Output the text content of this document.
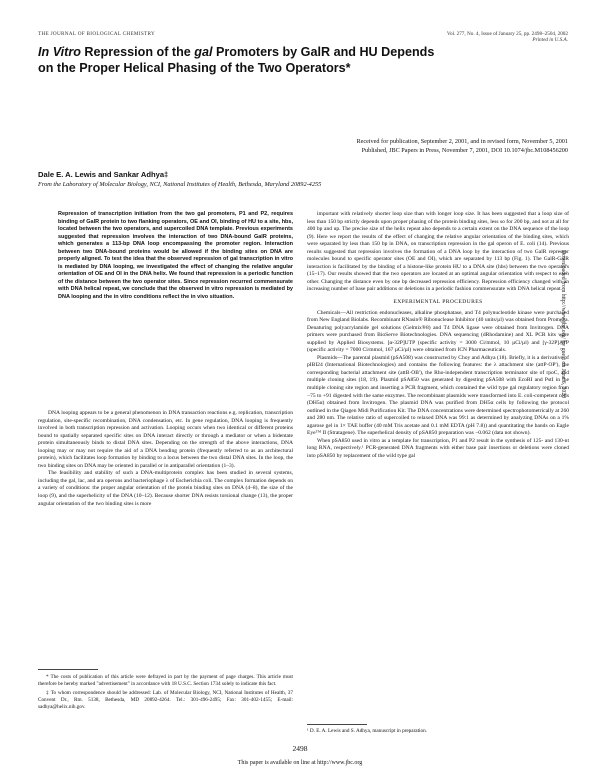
THE JOURNAL OF BIOLOGICAL CHEMISTRY	Vol. 277, No. 4, Issue of January 25, pp. 2498–2504, 2002
Printed in U.S.A.
In Vitro Repression of the gal Promoters by GalR and HU Depends
on the Proper Helical Phasing of the Two Operators*
Received for publication, September 2, 2001, and in revised form, November 5, 2001
Published, JBC Papers in Press, November 7, 2001, DOI 10.1074/jbc.M108456200
Dale E. A. Lewis and Sankar Adhya‡
From the Laboratory of Molecular Biology, NCI, National Institutes of Health, Bethesda, Maryland 20892-4255
Repression of transcription initiation from the two gal promoters, P1 and P2, requires binding of GalR protein to two flanking operators, OE and OI, binding of HU to a site, hbs, located between the two operators, and supercoiled DNA template. Previous experiments suggested that repression involves the interaction of two DNA-bound GalR proteins, which generates a 113-bp DNA loop encompassing the promoter region. Interaction between two DNA-bound proteins would be allowed if the binding sites on DNA are properly aligned. To test the idea that the observed repression of gal transcription in vitro is mediated by DNA looping, we investigated the effect of changing the relative angular orientation of OE and OI in the DNA helix. We found that repression is a periodic function of the distance between the two operator sites. Since repression recurred commensurate with DNA helical repeat, we conclude that the observed in vitro repression is mediated by DNA looping and the in vitro conditions reflect the in vivo situation.

DNA looping appears to be a general phenomenon in DNA transaction reactions e.g. replication, transcription regulation, site-specific recombination, DNA condensation, etc. In gene regulation, DNA looping is frequently involved in both transcription repression and activation. Looping occurs when two identical or different proteins bound to spatially separated specific sites on DNA interact directly or through a mediator or when a bidentate protein simultaneously binds to distal DNA sites. Depending on the strength of the above interactions, DNA looping may or may not require the aid of a DNA bending protein (frequently referred to as an architectural protein), which facilitates loop formation by binding to a locus between the two distal DNA sites. In the loop, the two binding sites on DNA may be oriented in parallel or in antiparallel orientation (1–3).

The feasibility and stability of such a DNA-multiprotein complex has been studied in several systems, including the gal, lac, and ara operons and bacteriophage λ of Escherichia coli. The complex formation depends on a variety of conditions: the proper angular orientation of the protein binding sites on DNA (4–8), the size of the loop (9), and the superhelicity of the DNA (10–12). Because shorter DNA resists torsional change (13), the proper angular orientation of the two binding sites is more

important with relatively shorter loop size than with longer loop size. It has been suggested that a loop size of less than 150 bp strictly depends upon proper phasing of the protein binding sites, less so for 200 bp, and not at all for 400 bp and up. The precise size of the helix repeat also depends to a certain extent on the DNA sequence of the loop (9). Here we report the results of the effect of changing the relative angular orientation of the binding sites, which were separated by less than 150 bp in DNA, on transcription repression in the gal operon of E. coli (14). Previous results suggested that repression involves the formation of a DNA loop by the interaction of two GalR repressor molecules bound to specific operator sites (OE and OI), which are separated by 113 bp (Fig. 1). The GalR-GalR interaction is facilitated by the binding of a histone-like protein HU to a DNA site (hbs) between the two operators (15–17). Our results showed that the two operators are located at an optimal angular orientation with respect to each other. Changing the distance even by one bp decreased repression efficiency. Repression efficiency changed with an increasing number of base pair additions or deletions in a periodic fashion commensurate with DNA helical repeat.

EXPERIMENTAL PROCEDURES

Chemicals—All restriction endonucleases, alkaline phosphatase, and T4 polynucleotide kinase were purchased from New England Biolabs. Recombinant RNasin® Ribonuclease Inhibitor (40 units/µl) was obtained from Promega. Denaturing polyacrylamide gel solutions (Gelmix®8) and T4 DNA ligase were obtained from Invitrogen. DNA primers were purchased from BioServe Biotechnologies. DNA sequencing (dRhodamine) and XL PCR kits were supplied by Applied Biosystems. [α-32P]UTP (specific activity = 3000 Ci/mmol, 10 µCi/µl) and [γ-32P]ATP (specific activity = 7000 Ci/mmol, 167 µCi/µl) were obtained from ICN Pharmaceuticals.

Plasmids—The parental plasmid (pSA508) was constructed by Choy and Adhya (18). Briefly, it is a derivative of pIBI24 (International Biotechnologies) and contains the following features: the λ attachment site (attP·OP'), the corresponding bacterial attachment site (attB·OB'), the Rho-independent transcription terminator site of rpoC, and multiple cloning sites (18, 19). Plasmid pSA850 was generated by digesting pSA508 with EcoRI and PstI in the multiple cloning site region and inserting a PCR fragment, which contained the wild type gal regulatory region from −75 to +91 digested with the same enzymes. The recombinant plasmids were transformed into E. coli-competent cells (DH5α) obtained from Invitrogen. The plasmid DNA was purified from DH5α cells by following the protocol outlined in the Qiagen Midi Purification Kit. The DNA concentrations were determined spectrophotometrically at 260 and 280 nm. The relative ratio of supercoiled to relaxed DNA was 99:1 as determined by analyzing DNAs on a 1% agarose gel in 1× TAE buffer (40 mM Tris acetate and 0.1 mM EDTA (pH 7.8)) and quantitating the bands on Eagle Eye™ II (Stratagene). The superhelical density of pSA850 preparation was −0.062 (data not shown).

When pSA850 used in vitro as a template for transcription, P1 and P2 result in the synthesis of 125- and 130-nt long RNA, respectively.¹ PCR-generated DNA fragments with either base pair insertions or deletions were cloned into pSA850 by replacement of the wild type gal

* The costs of publication of this article were defrayed in part by the payment of page charges. This article must therefore be hereby marked "advertisement" in accordance with 18 U.S.C. Section 1734 solely to indicate this fact.

‡ To whom correspondence should be addressed: Lab. of Molecular Biology, NCI, National Institutes of Health, 37 Convent Dr., Rm. 5138, Bethesda, MD 20892-4264. Tel.: 301-496-2495; Fax: 301-402-1455; E-mail: sadhya@helix.nih.gov.

¹ D. E. A. Lewis and S. Adhya, manuscript in preparation.
2498
This paper is available on line at http://www.jbc.org
Downloaded from http://www.jbc.org/ by guest on June 6, 2020
